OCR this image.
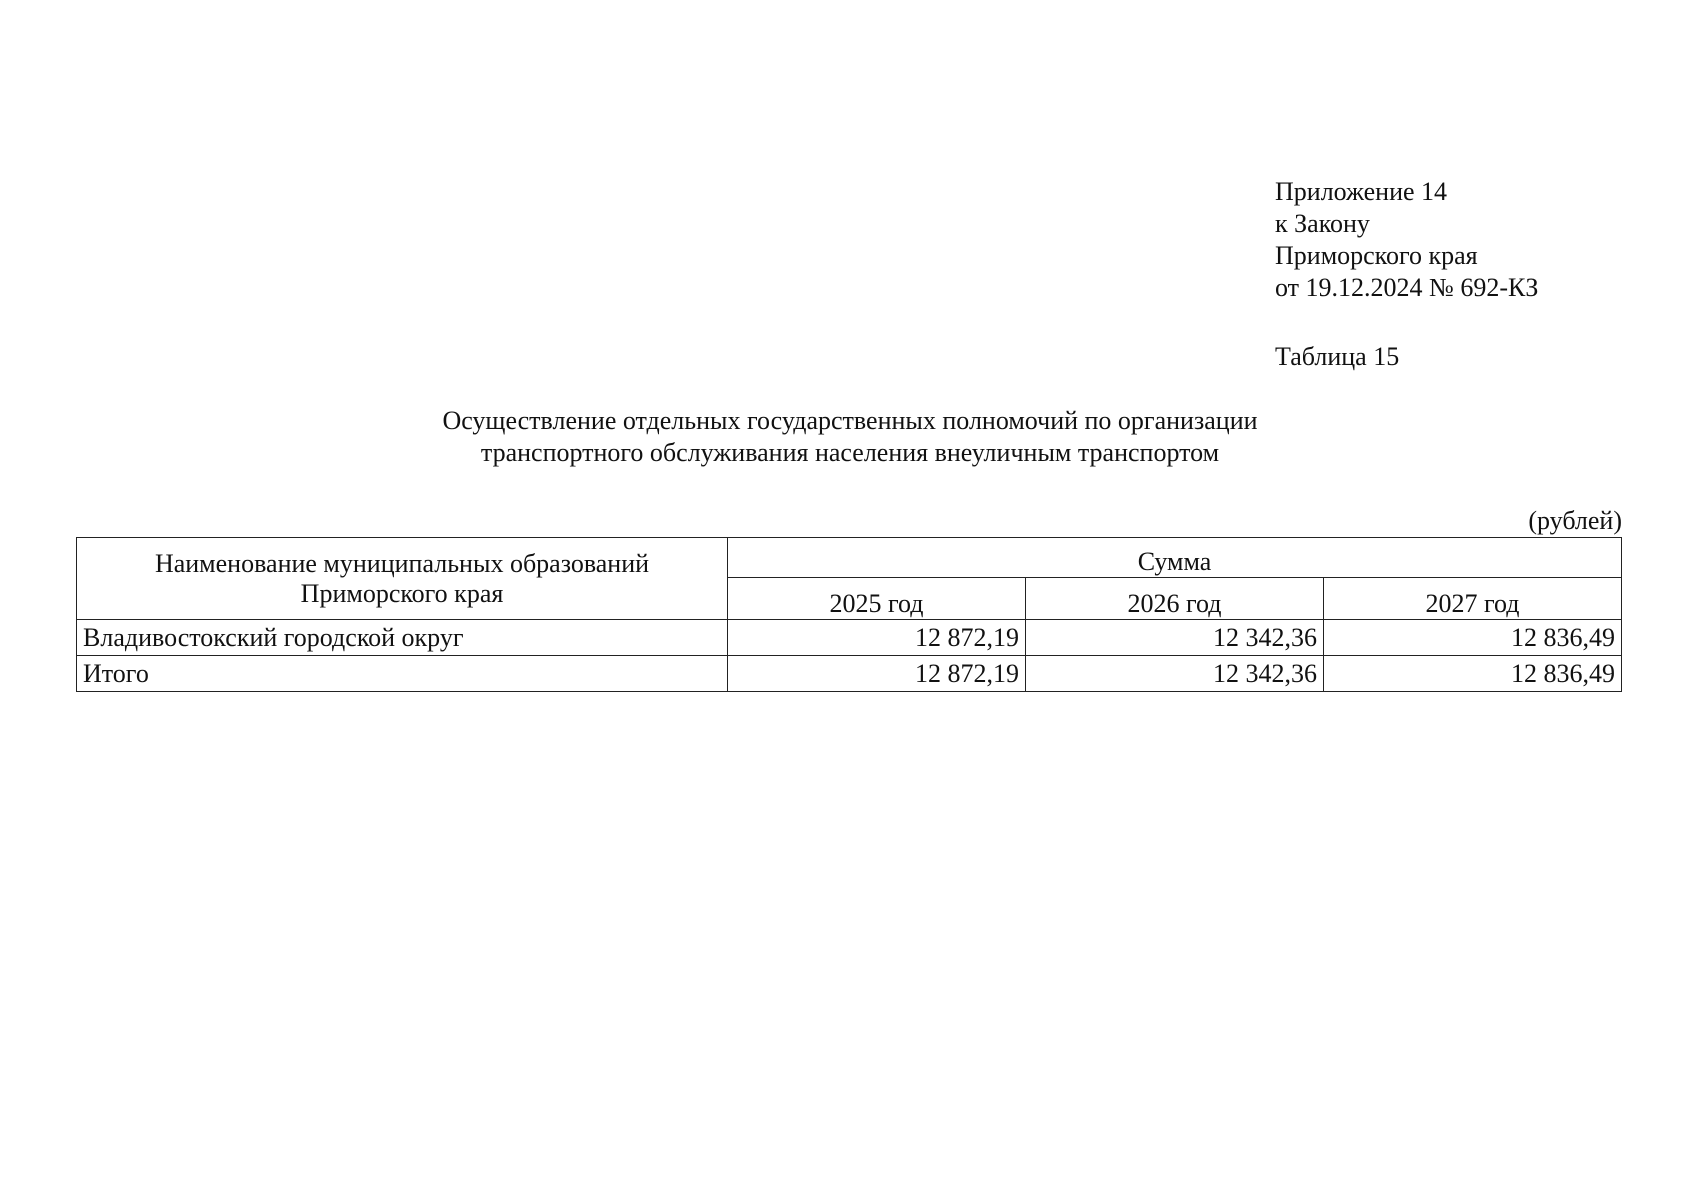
Приложение 14
к Закону
Приморского края
от 19.12.2024 № 692-КЗ
Таблица 15
Осуществление отдельных государственных полномочий по организации
транспортного обслуживания населения внеуличным транспортом
(рублей)
Наименование муниципальных образований
Приморского края	Сумма		
	2025 год	2026 год	2027 год
Владивостокский городской округ	12 872,19	12 342,36	12 836,49
Итого	12 872,19	12 342,36	12 836,49
